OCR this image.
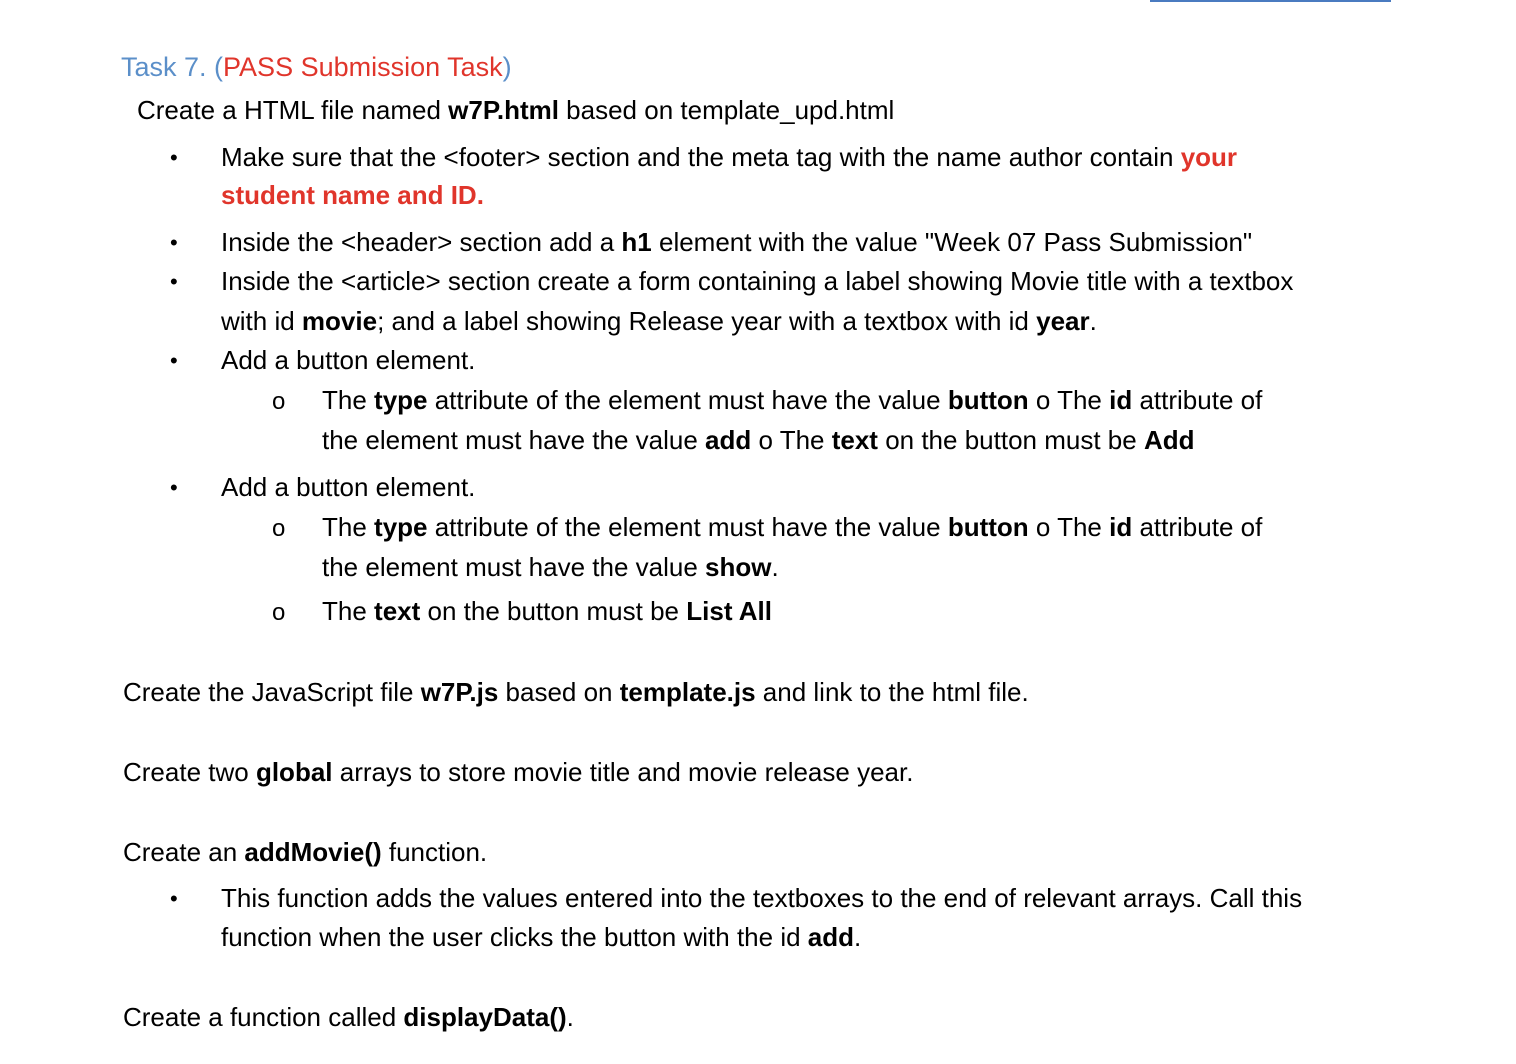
Task 7. (PASS Submission Task)
Create a HTML file named w7P.html based on template_upd.html
• Make sure that the <footer> section and the meta tag with the name author contain your
student name and ID.
• Inside the <header> section add a h1 element with the value "Week 07 Pass Submission"
• Inside the <article> section create a form containing a label showing Movie title with a textbox
with id movie; and a label showing Release year with a textbox with id year.
• Add a button element.
o The type attribute of the element must have the value button o The id attribute of
the element must have the value add o The text on the button must be Add
• Add a button element.
o The type attribute of the element must have the value button o The id attribute of
the element must have the value show.
o The text on the button must be List All
Create the JavaScript file w7P.js based on template.js and link to the html file.
Create two global arrays to store movie title and movie release year.
Create an addMovie() function.
• This function adds the values entered into the textboxes to the end of relevant arrays. Call this
function when the user clicks the button with the id add.
Create a function called displayData().
